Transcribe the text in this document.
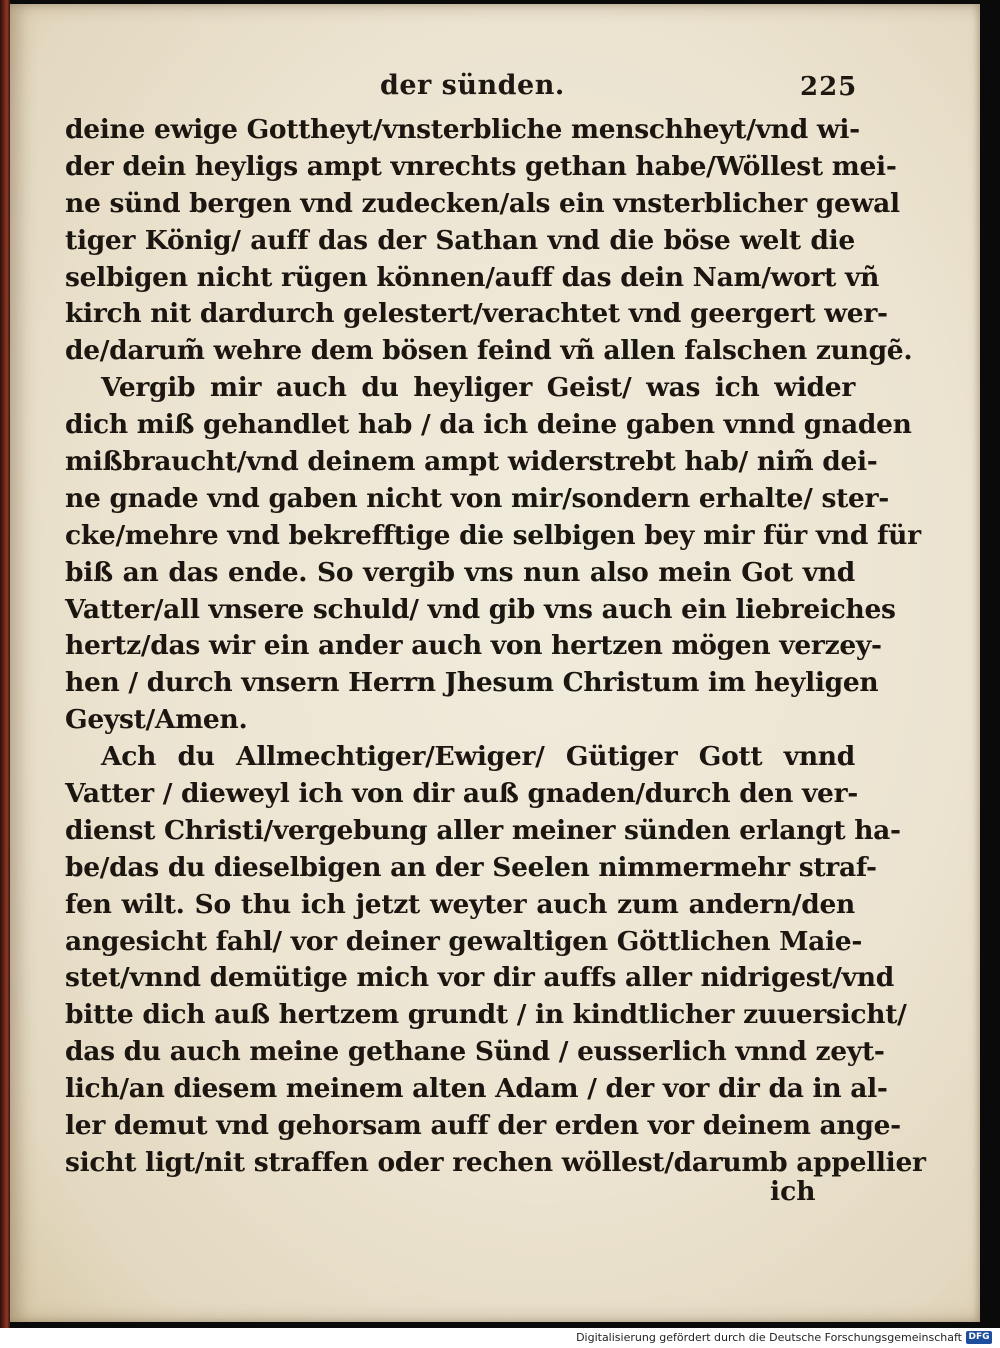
der sünden.	225
deine ewige Gottheyt/vnsterbliche menschheyt/vnd wi-
der dein heyligs ampt vnrechts gethan habe/Wöllest mei-
ne sünd bergen vnd zudecken/als ein vnsterblicher gewal
tiger König/ auff das der Sathan vnd die böse welt die
selbigen nicht rügen können/auff das dein Nam/wort vñ
kirch nit dardurch gelestert/verachtet vnd geergert wer-
de/darum̃ wehre dem bösen feind vñ allen falschen zungẽ.
Vergib mir auch du heyliger Geist/ was ich wider
dich miß gehandlet hab / da ich deine gaben vnnd gnaden
mißbraucht/vnd deinem ampt widerstrebt hab/ nim̃ dei-
ne gnade vnd gaben nicht von mir/sondern erhalte/ ster-
cke/mehre vnd bekrefftige die selbigen bey mir für vnd für
biß an das ende. So vergib vns nun also mein Got vnd
Vatter/all vnsere schuld/ vnd gib vns auch ein liebreiches
hertz/das wir ein ander auch von hertzen mögen verzey-
hen / durch vnsern Herrn Jhesum Christum im heyligen
Geyst/Amen.
Ach du Allmechtiger/Ewiger/ Gütiger Gott vnnd
Vatter / dieweyl ich von dir auß gnaden/durch den ver-
dienst Christi/vergebung aller meiner sünden erlangt ha-
be/das du dieselbigen an der Seelen nimmermehr straf-
fen wilt. So thu ich jetzt weyter auch zum andern/den
angesicht fahl/ vor deiner gewaltigen Göttlichen Maie-
stet/vnnd demütige mich vor dir auffs aller nidrigest/vnd
bitte dich auß hertzem grundt / in kindtlicher zuuersicht/
das du auch meine gethane Sünd / eusserlich vnnd zeyt-
lich/an diesem meinem alten Adam / der vor dir da in al-
ler demut vnd gehorsam auff der erden vor deinem ange-
sicht ligt/nit straffen oder rechen wöllest/darumb appellier
ich
Digitalisierung gefördert durch die Deutsche Forschungsgemeinschaft DFG
